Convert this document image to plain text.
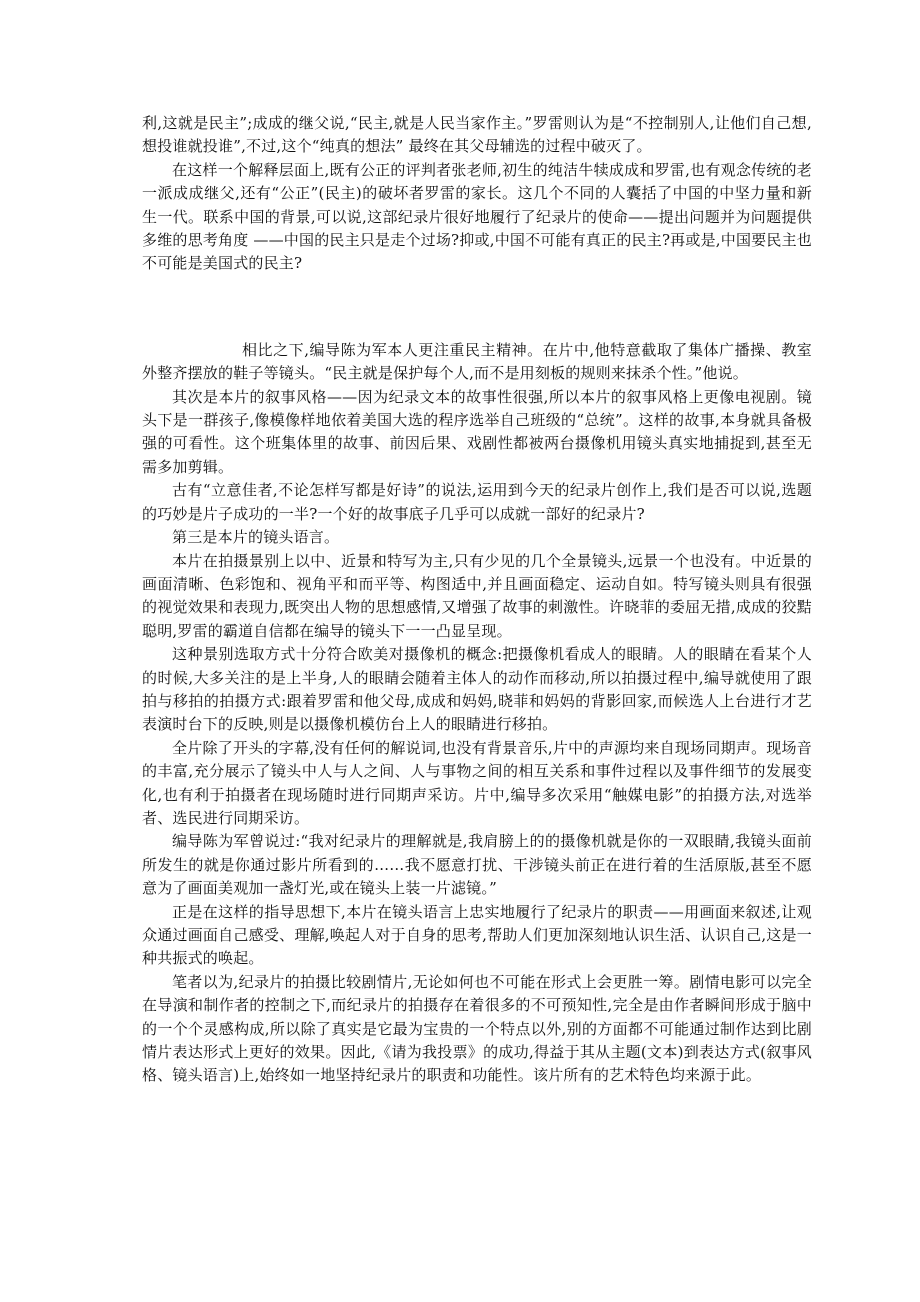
利,这就是民主”;成成的继父说,“民主,就是人民当家作主。”罗雷则认为是“不控制别人,让他们自己想,想投谁就投谁”,不过,这个“纯真的想法” 最终在其父母辅选的过程中破灭了。

在这样一个解释层面上,既有公正的评判者张老师,初生的纯洁牛犊成成和罗雷,也有观念传统的老一派成成继父,还有“公正”(民主)的破坏者罗雷的家长。这几个不同的人囊括了中国的中坚力量和新生一代。联系中国的背景,可以说,这部纪录片很好地履行了纪录片的使命——提出问题并为问题提供多维的思考角度 ——中国的民主只是走个过场?抑或,中国不可能有真正的民主?再或是,中国要民主也不可能是美国式的民主?

相比之下,编导陈为军本人更注重民主精神。在片中,他特意截取了集体广播操、教室外整齐摆放的鞋子等镜头。“民主就是保护每个人,而不是用刻板的规则来抹杀个性。”他说。

其次是本片的叙事风格——因为纪录文本的故事性很强,所以本片的叙事风格上更像电视剧。镜头下是一群孩子,像模像样地依着美国大选的程序选举自己班级的“总统”。这样的故事,本身就具备极强的可看性。这个班集体里的故事、前因后果、戏剧性都被两台摄像机用镜头真实地捕捉到,甚至无需多加剪辑。

古有“立意佳者,不论怎样写都是好诗”的说法,运用到今天的纪录片创作上,我们是否可以说,选题的巧妙是片子成功的一半?一个好的故事底子几乎可以成就一部好的纪录片?

第三是本片的镜头语言。

本片在拍摄景别上以中、近景和特写为主,只有少见的几个全景镜头,远景一个也没有。中近景的画面清晰、色彩饱和、视角平和而平等、构图适中,并且画面稳定、运动自如。特写镜头则具有很强的视觉效果和表现力,既突出人物的思想感情,又增强了故事的刺激性。许晓菲的委屈无措,成成的狡黠聪明,罗雷的霸道自信都在编导的镜头下一一凸显呈现。

这种景别选取方式十分符合欧美对摄像机的概念:把摄像机看成人的眼睛。人的眼睛在看某个人的时候,大多关注的是上半身,人的眼睛会随着主体人的动作而移动,所以拍摄过程中,编导就使用了跟拍与移拍的拍摄方式:跟着罗雷和他父母,成成和妈妈,晓菲和妈妈的背影回家,而候选人上台进行才艺表演时台下的反映,则是以摄像机模仿台上人的眼睛进行移拍。

全片除了开头的字幕,没有任何的解说词,也没有背景音乐,片中的声源均来自现场同期声。现场音的丰富,充分展示了镜头中人与人之间、人与事物之间的相互关系和事件过程以及事件细节的发展变化,也有利于拍摄者在现场随时进行同期声采访。片中,编导多次采用“触媒电影”的拍摄方法,对选举者、选民进行同期采访。

编导陈为军曾说过:“我对纪录片的理解就是,我肩膀上的的摄像机就是你的一双眼睛,我镜头面前所发生的就是你通过影片所看到的……我不愿意打扰、干涉镜头前正在进行着的生活原版,甚至不愿意为了画面美观加一盏灯光,或在镜头上装一片滤镜。”

正是在这样的指导思想下,本片在镜头语言上忠实地履行了纪录片的职责——用画面来叙述,让观众通过画面自己感受、理解,唤起人对于自身的思考,帮助人们更加深刻地认识生活、认识自己,这是一种共振式的唤起。

笔者以为,纪录片的拍摄比较剧情片,无论如何也不可能在形式上会更胜一筹。剧情电影可以完全在导演和制作者的控制之下,而纪录片的拍摄存在着很多的不可预知性,完全是由作者瞬间形成于脑中的一个个灵感构成,所以除了真实是它最为宝贵的一个特点以外,别的方面都不可能通过制作达到比剧情片表达形式上更好的效果。因此,《请为我投票》的成功,得益于其从主题(文本)到表达方式(叙事风格、镜头语言)上,始终如一地坚持纪录片的职责和功能性。该片所有的艺术特色均来源于此。
